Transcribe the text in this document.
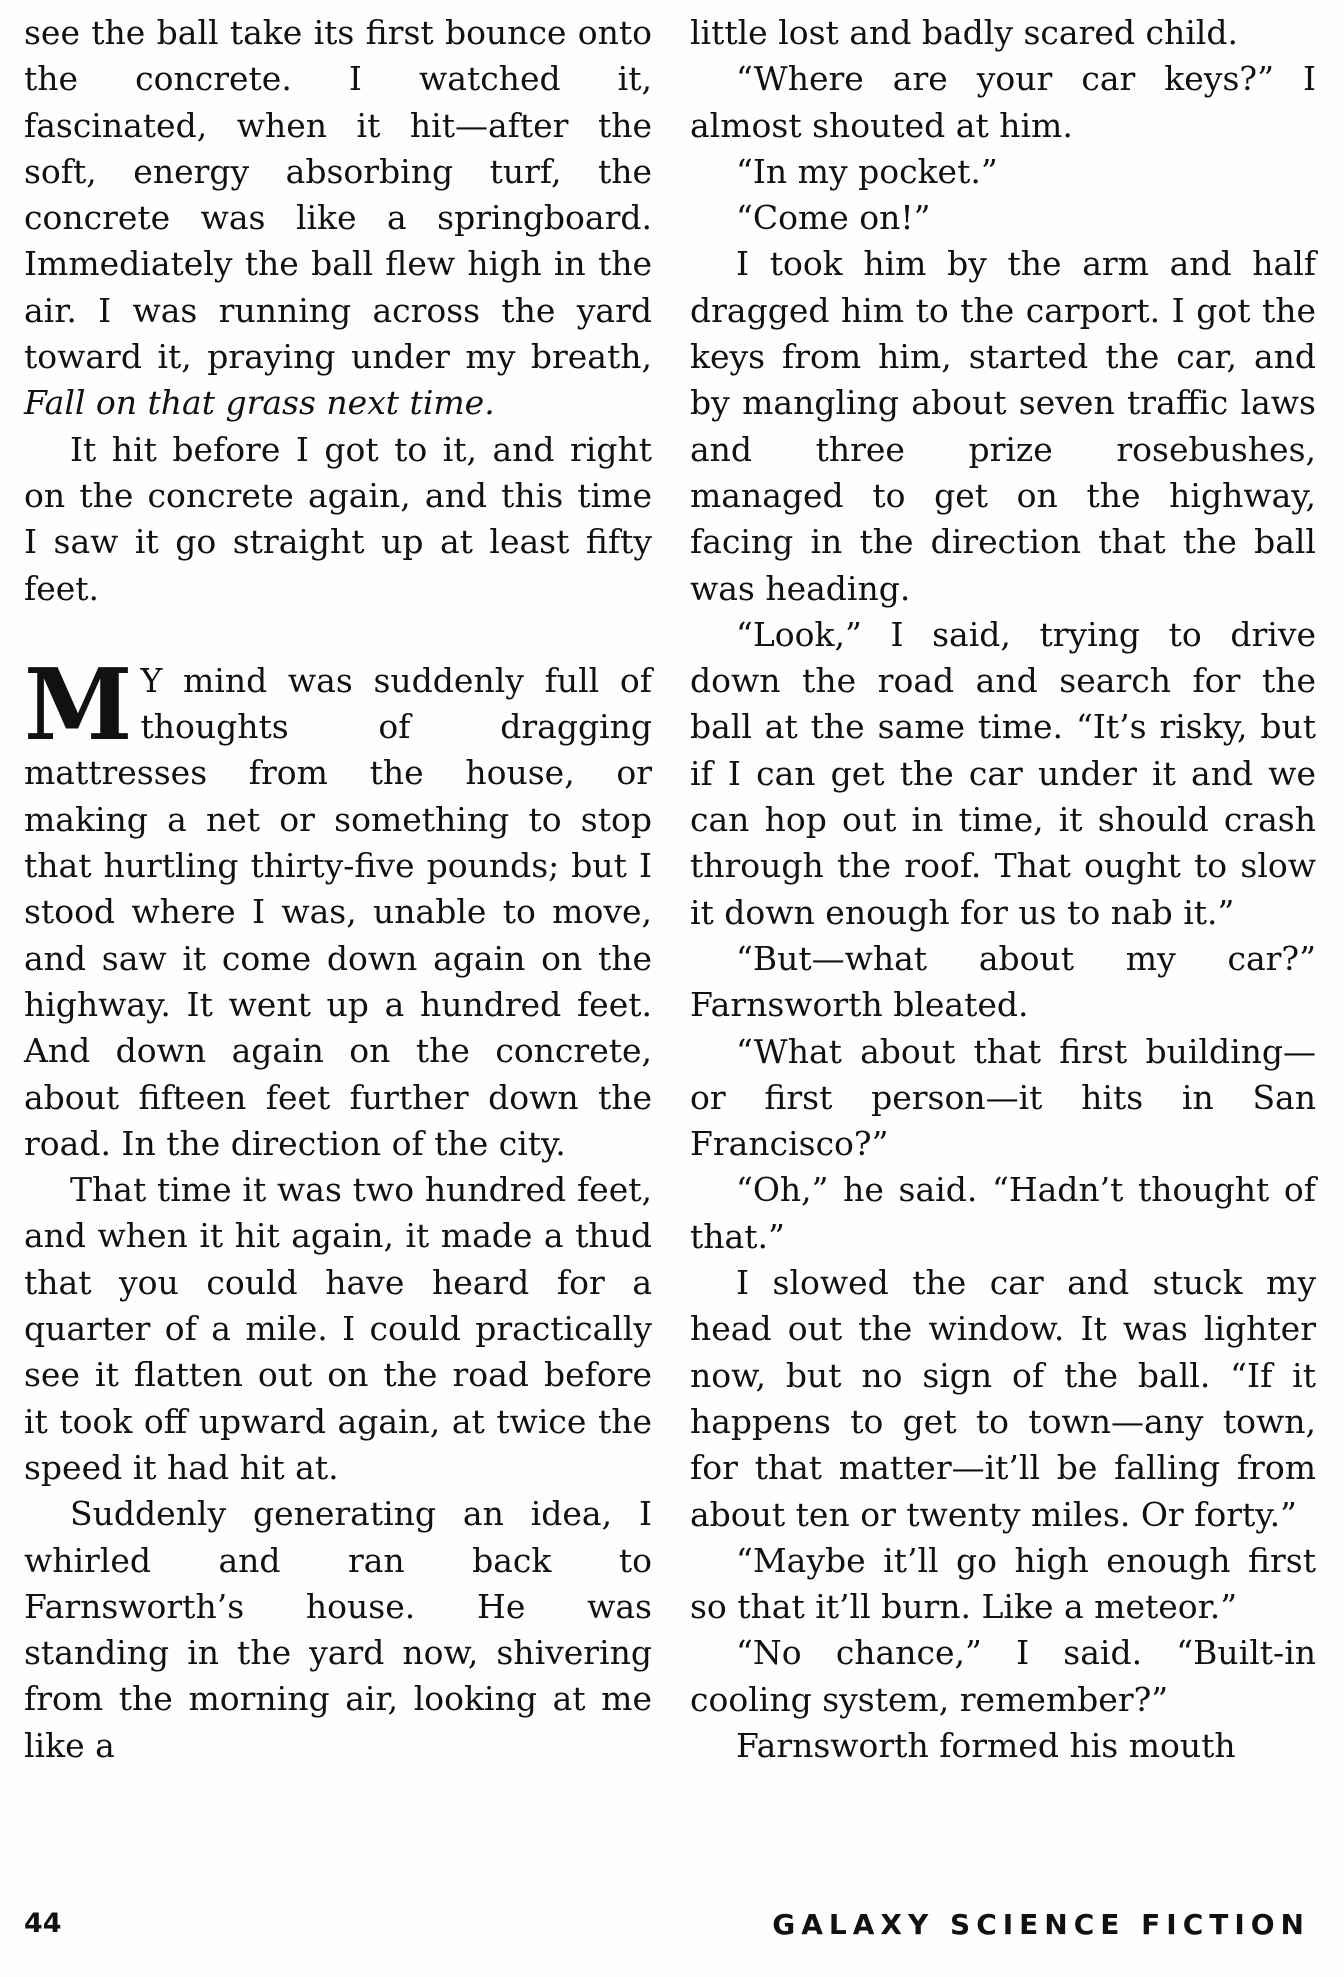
see the ball take its first bounce onto the concrete. I watched it, fascinated, when it hit—after the soft, energy absorbing turf, the concrete was like a springboard. Immediately the ball flew high in the air. I was running across the yard toward it, praying under my breath, Fall on that grass next time.

It hit before I got to it, and right on the concrete again, and this time I saw it go straight up at least fifty feet.

M Y mind was suddenly full of thoughts of dragging mattresses from the house, or making a net or something to stop that hurtling thirty-five pounds; but I stood where I was, unable to move, and saw it come down again on the highway. It went up a hundred feet. And down again on the concrete, about fifteen feet further down the road. In the direction of the city.

That time it was two hundred feet, and when it hit again, it made a thud that you could have heard for a quarter of a mile. I could practically see it flatten out on the road before it took off upward again, at twice the speed it had hit at.

Suddenly generating an idea, I whirled and ran back to Farnsworth’s house. He was standing in the yard now, shivering from the morning air, looking at me like a

little lost and badly scared child.

“Where are your car keys?” I almost shouted at him.

“In my pocket.”

“Come on!”

I took him by the arm and half dragged him to the carport. I got the keys from him, started the car, and by mangling about seven traffic laws and three prize rosebushes, managed to get on the highway, facing in the direction that the ball was heading.

“Look,” I said, trying to drive down the road and search for the ball at the same time. “It’s risky, but if I can get the car under it and we can hop out in time, it should crash through the roof. That ought to slow it down enough for us to nab it.”

“But—what about my car?” Farnsworth bleated.

“What about that first building—or first person—it hits in San Francisco?”

“Oh,” he said. “Hadn’t thought of that.”

I slowed the car and stuck my head out the window. It was lighter now, but no sign of the ball. “If it happens to get to town—any town, for that matter—it’ll be falling from about ten or twenty miles. Or forty.”

“Maybe it’ll go high enough first so that it’ll burn. Like a meteor.”

“No chance,” I said. “Built-in cooling system, remember?”

Farnsworth formed his mouth

44	GALAXY SCIENCE FICTION
